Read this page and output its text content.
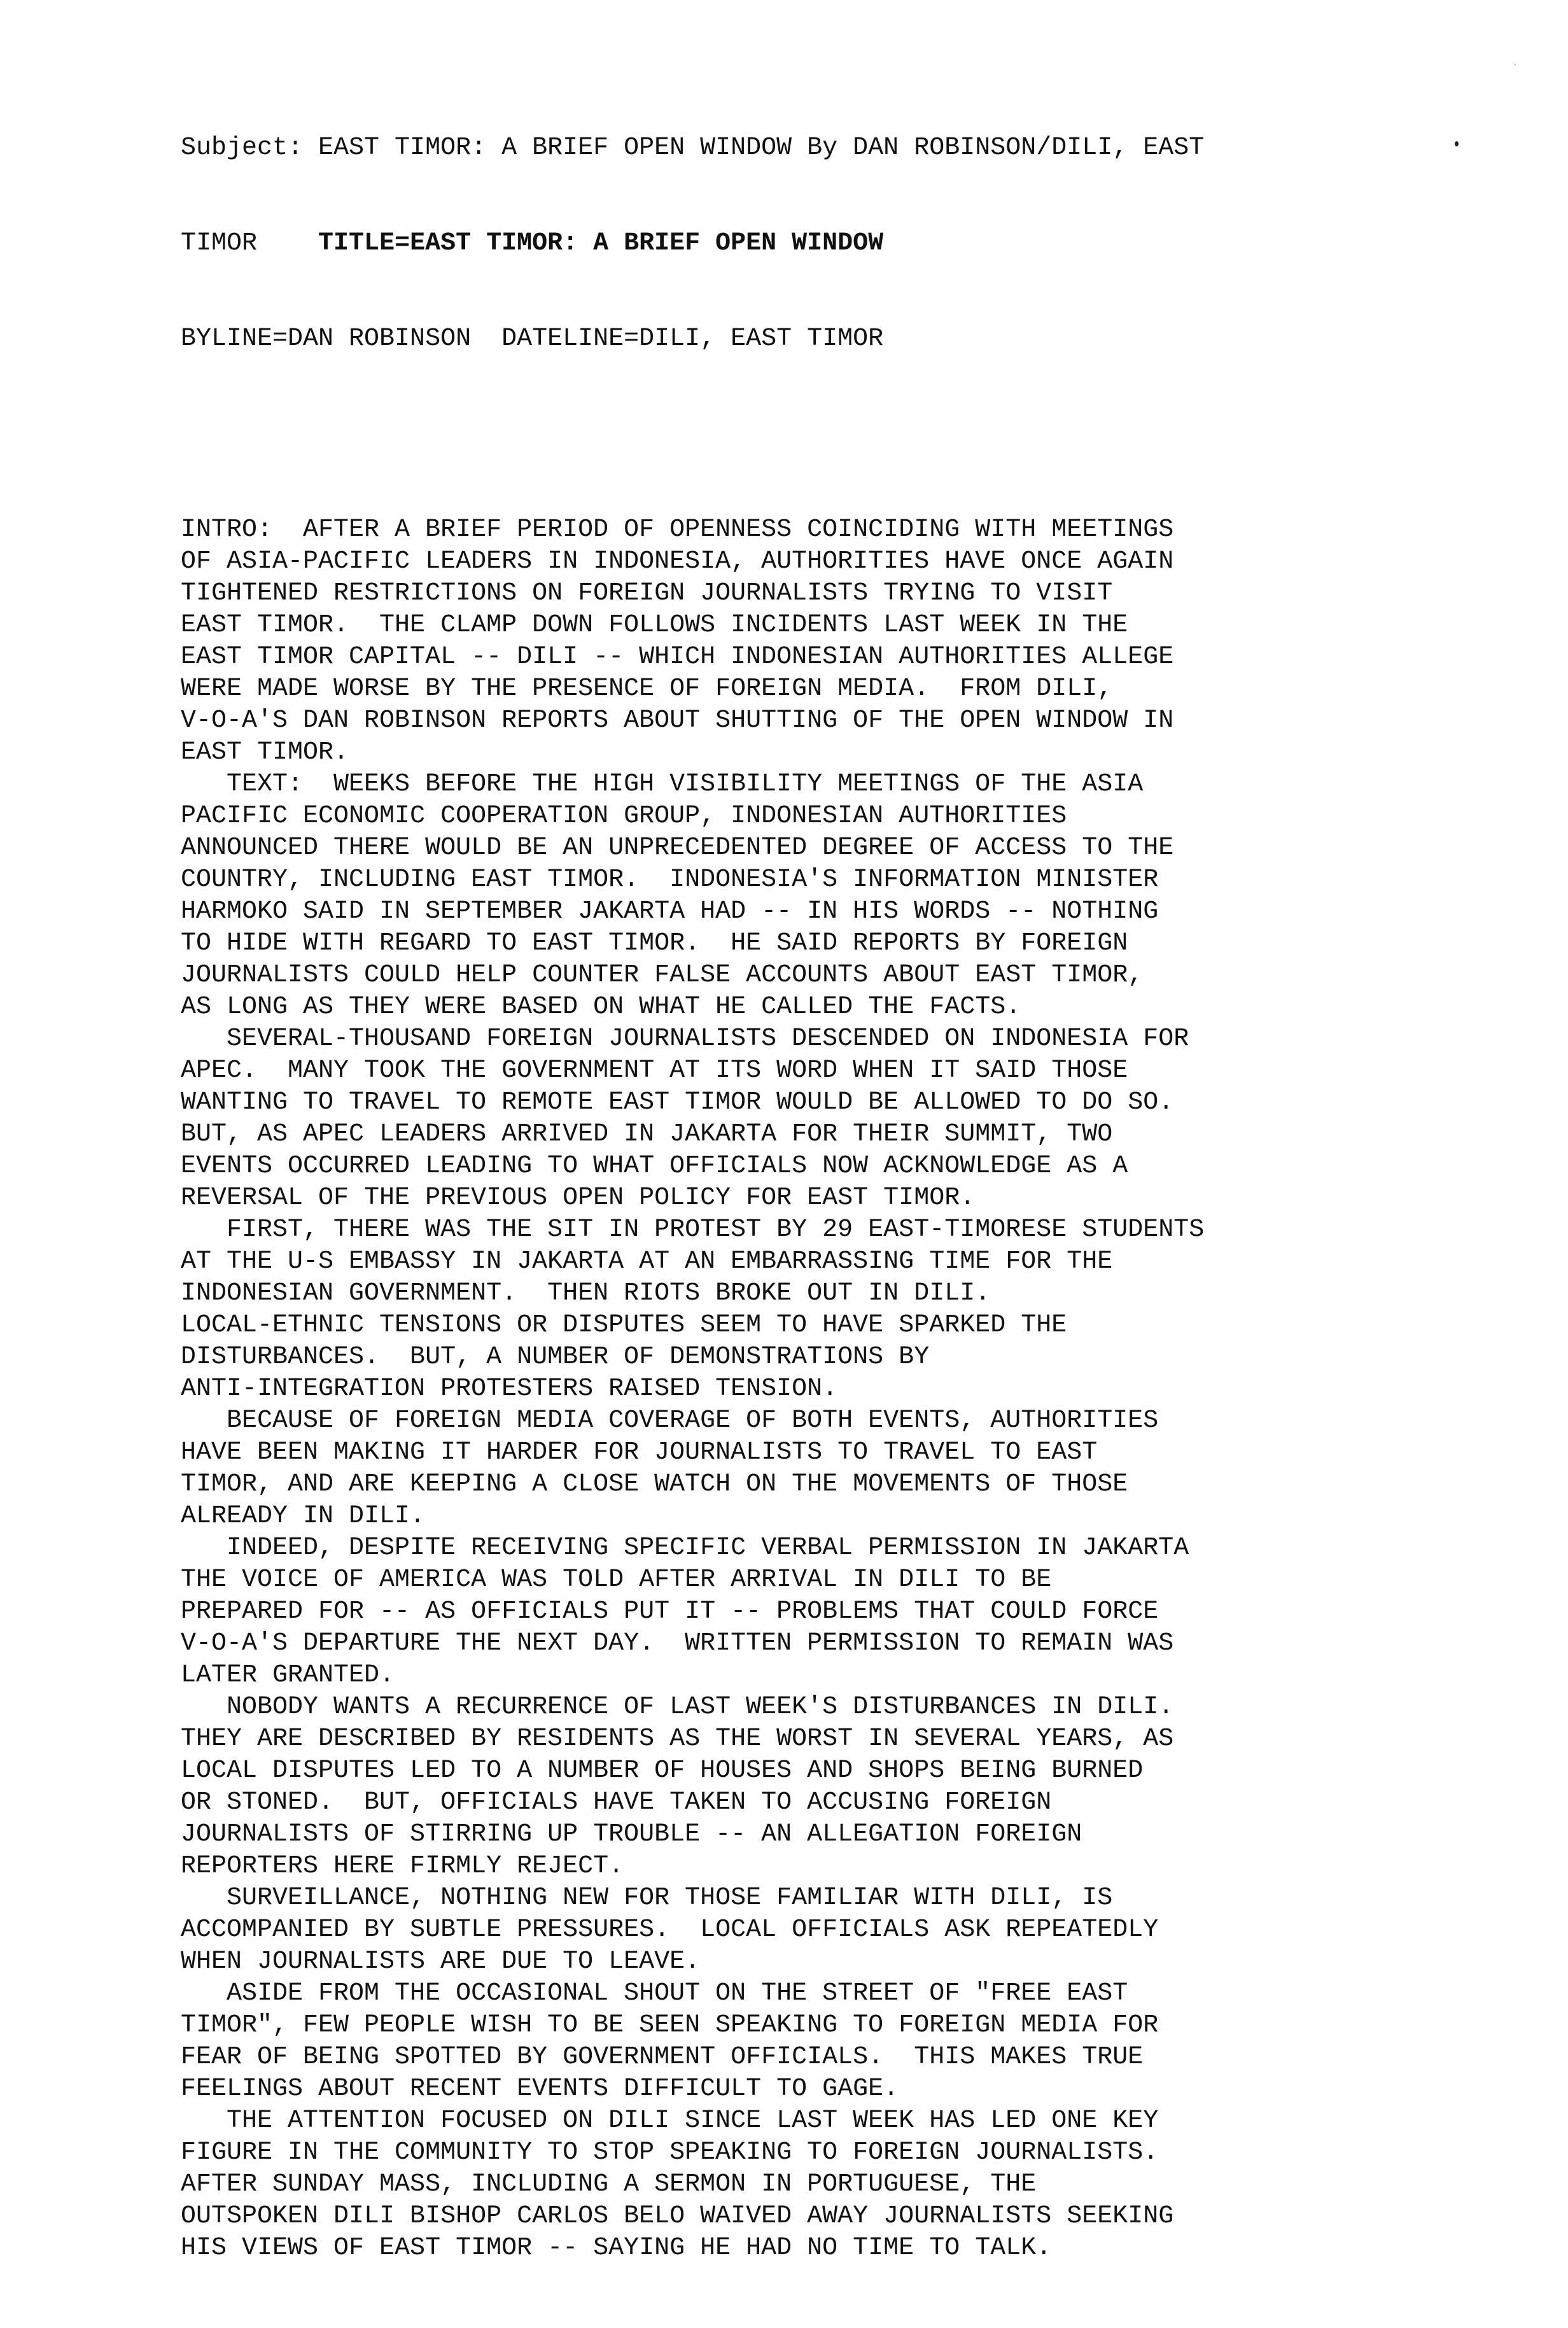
Subject: EAST TIMOR: A BRIEF OPEN WINDOW By DAN ROBINSON/DILI, EAST

TIMOR    TITLE=EAST TIMOR: A BRIEF OPEN WINDOW

BYLINE=DAN ROBINSON  DATELINE=DILI, EAST TIMOR

INTRO:  AFTER A BRIEF PERIOD OF OPENNESS COINCIDING WITH MEETINGS
OF ASIA-PACIFIC LEADERS IN INDONESIA, AUTHORITIES HAVE ONCE AGAIN
TIGHTENED RESTRICTIONS ON FOREIGN JOURNALISTS TRYING TO VISIT
EAST TIMOR.  THE CLAMP DOWN FOLLOWS INCIDENTS LAST WEEK IN THE
EAST TIMOR CAPITAL -- DILI -- WHICH INDONESIAN AUTHORITIES ALLEGE
WERE MADE WORSE BY THE PRESENCE OF FOREIGN MEDIA.  FROM DILI,
V-O-A'S DAN ROBINSON REPORTS ABOUT SHUTTING OF THE OPEN WINDOW IN
EAST TIMOR.
TEXT:  WEEKS BEFORE THE HIGH VISIBILITY MEETINGS OF THE ASIA
PACIFIC ECONOMIC COOPERATION GROUP, INDONESIAN AUTHORITIES
ANNOUNCED THERE WOULD BE AN UNPRECEDENTED DEGREE OF ACCESS TO THE
COUNTRY, INCLUDING EAST TIMOR.  INDONESIA'S INFORMATION MINISTER
HARMOKO SAID IN SEPTEMBER JAKARTA HAD -- IN HIS WORDS -- NOTHING
TO HIDE WITH REGARD TO EAST TIMOR.  HE SAID REPORTS BY FOREIGN
JOURNALISTS COULD HELP COUNTER FALSE ACCOUNTS ABOUT EAST TIMOR,
AS LONG AS THEY WERE BASED ON WHAT HE CALLED THE FACTS.
SEVERAL-THOUSAND FOREIGN JOURNALISTS DESCENDED ON INDONESIA FOR
APEC.  MANY TOOK THE GOVERNMENT AT ITS WORD WHEN IT SAID THOSE
WANTING TO TRAVEL TO REMOTE EAST TIMOR WOULD BE ALLOWED TO DO SO.
BUT, AS APEC LEADERS ARRIVED IN JAKARTA FOR THEIR SUMMIT, TWO
EVENTS OCCURRED LEADING TO WHAT OFFICIALS NOW ACKNOWLEDGE AS A
REVERSAL OF THE PREVIOUS OPEN POLICY FOR EAST TIMOR.
FIRST, THERE WAS THE SIT IN PROTEST BY 29 EAST-TIMORESE STUDENTS
AT THE U-S EMBASSY IN JAKARTA AT AN EMBARRASSING TIME FOR THE
INDONESIAN GOVERNMENT.  THEN RIOTS BROKE OUT IN DILI.
LOCAL-ETHNIC TENSIONS OR DISPUTES SEEM TO HAVE SPARKED THE
DISTURBANCES.  BUT, A NUMBER OF DEMONSTRATIONS BY
ANTI-INTEGRATION PROTESTERS RAISED TENSION.
BECAUSE OF FOREIGN MEDIA COVERAGE OF BOTH EVENTS, AUTHORITIES
HAVE BEEN MAKING IT HARDER FOR JOURNALISTS TO TRAVEL TO EAST
TIMOR, AND ARE KEEPING A CLOSE WATCH ON THE MOVEMENTS OF THOSE
ALREADY IN DILI.
INDEED, DESPITE RECEIVING SPECIFIC VERBAL PERMISSION IN JAKARTA
THE VOICE OF AMERICA WAS TOLD AFTER ARRIVAL IN DILI TO BE
PREPARED FOR -- AS OFFICIALS PUT IT -- PROBLEMS THAT COULD FORCE
V-O-A'S DEPARTURE THE NEXT DAY.  WRITTEN PERMISSION TO REMAIN WAS
LATER GRANTED.
NOBODY WANTS A RECURRENCE OF LAST WEEK'S DISTURBANCES IN DILI.
THEY ARE DESCRIBED BY RESIDENTS AS THE WORST IN SEVERAL YEARS, AS
LOCAL DISPUTES LED TO A NUMBER OF HOUSES AND SHOPS BEING BURNED
OR STONED.  BUT, OFFICIALS HAVE TAKEN TO ACCUSING FOREIGN
JOURNALISTS OF STIRRING UP TROUBLE -- AN ALLEGATION FOREIGN
REPORTERS HERE FIRMLY REJECT.
SURVEILLANCE, NOTHING NEW FOR THOSE FAMILIAR WITH DILI, IS
ACCOMPANIED BY SUBTLE PRESSURES.  LOCAL OFFICIALS ASK REPEATEDLY
WHEN JOURNALISTS ARE DUE TO LEAVE.
ASIDE FROM THE OCCASIONAL SHOUT ON THE STREET OF "FREE EAST
TIMOR", FEW PEOPLE WISH TO BE SEEN SPEAKING TO FOREIGN MEDIA FOR
FEAR OF BEING SPOTTED BY GOVERNMENT OFFICIALS.  THIS MAKES TRUE
FEELINGS ABOUT RECENT EVENTS DIFFICULT TO GAGE.
THE ATTENTION FOCUSED ON DILI SINCE LAST WEEK HAS LED ONE KEY
FIGURE IN THE COMMUNITY TO STOP SPEAKING TO FOREIGN JOURNALISTS.
AFTER SUNDAY MASS, INCLUDING A SERMON IN PORTUGUESE, THE
OUTSPOKEN DILI BISHOP CARLOS BELO WAIVED AWAY JOURNALISTS SEEKING
HIS VIEWS OF EAST TIMOR -- SAYING HE HAD NO TIME TO TALK.
